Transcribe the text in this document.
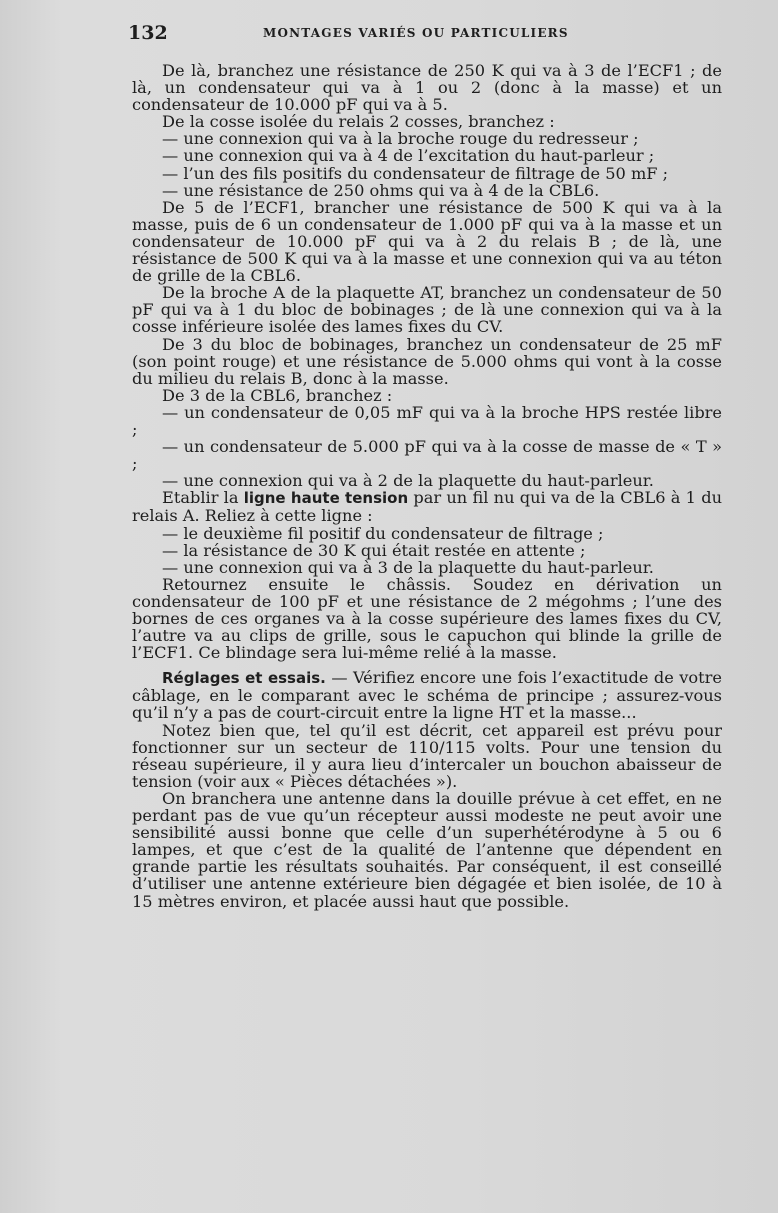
132	MONTAGES VARIÉS OU PARTICULIERS

De là, branchez une résistance de 250 K qui va à 3 de l’ECF1 ; de là, un condensateur qui va à 1 ou 2 (donc à la masse) et un condensateur de 10.000 pF qui va à 5.

De la cosse isolée du relais 2 cosses, branchez :

— une connexion qui va à la broche rouge du redresseur ;

— une connexion qui va à 4 de l’excitation du haut-parleur ;

— l’un des fils positifs du condensateur de filtrage de 50 mF ;

— une résistance de 250 ohms qui va à 4 de la CBL6.

De 5 de l’ECF1, brancher une résistance de 500 K qui va à la masse, puis de 6 un condensateur de 1.000 pF qui va à la masse et un condensateur de 10.000 pF qui va à 2 du relais B ; de là, une résistance de 500 K qui va à la masse et une connexion qui va au téton de grille de la CBL6.

De la broche A de la plaquette AT, branchez un condensateur de 50 pF qui va à 1 du bloc de bobinages ; de là une connexion qui va à la cosse inférieure isolée des lames fixes du CV.

De 3 du bloc de bobinages, branchez un condensateur de 25 mF (son point rouge) et une résistance de 5.000 ohms qui vont à la cosse du milieu du relais B, donc à la masse.

De 3 de la CBL6, branchez :

— un condensateur de 0,05 mF qui va à la broche HPS restée libre ;

— un condensateur de 5.000 pF qui va à la cosse de masse de « T » ;

— une connexion qui va à 2 de la plaquette du haut-parleur.

Etablir la ligne haute tension par un fil nu qui va de la CBL6 à 1 du relais A. Reliez à cette ligne :

— le deuxième fil positif du condensateur de filtrage ;

— la résistance de 30 K qui était restée en attente ;

— une connexion qui va à 3 de la plaquette du haut-parleur.

Retournez ensuite le châssis. Soudez en dérivation un condensateur de 100 pF et une résistance de 2 mégohms ; l’une des bornes de ces organes va à la cosse supérieure des lames fixes du CV, l’autre va au clips de grille, sous le capuchon qui blinde la grille de l’ECF1. Ce blindage sera lui-même relié à la masse.

Réglages et essais. — Vérifiez encore une fois l’exactitude de votre câblage, en le comparant avec le schéma de principe ; assurez-vous qu’il n’y a pas de court-circuit entre la ligne HT et la masse...

Notez bien que, tel qu’il est décrit, cet appareil est prévu pour fonctionner sur un secteur de 110/115 volts. Pour une tension du réseau supérieure, il y aura lieu d’intercaler un bouchon abaisseur de tension (voir aux « Pièces détachées »).

On branchera une antenne dans la douille prévue à cet effet, en ne perdant pas de vue qu’un récepteur aussi modeste ne peut avoir une sensibilité aussi bonne que celle d’un superhétérodyne à 5 ou 6 lampes, et que c’est de la qualité de l’antenne que dépendent en grande partie les résultats souhaités. Par conséquent, il est conseillé d’utiliser une antenne extérieure bien dégagée et bien isolée, de 10 à 15 mètres environ, et placée aussi haut que possible.
